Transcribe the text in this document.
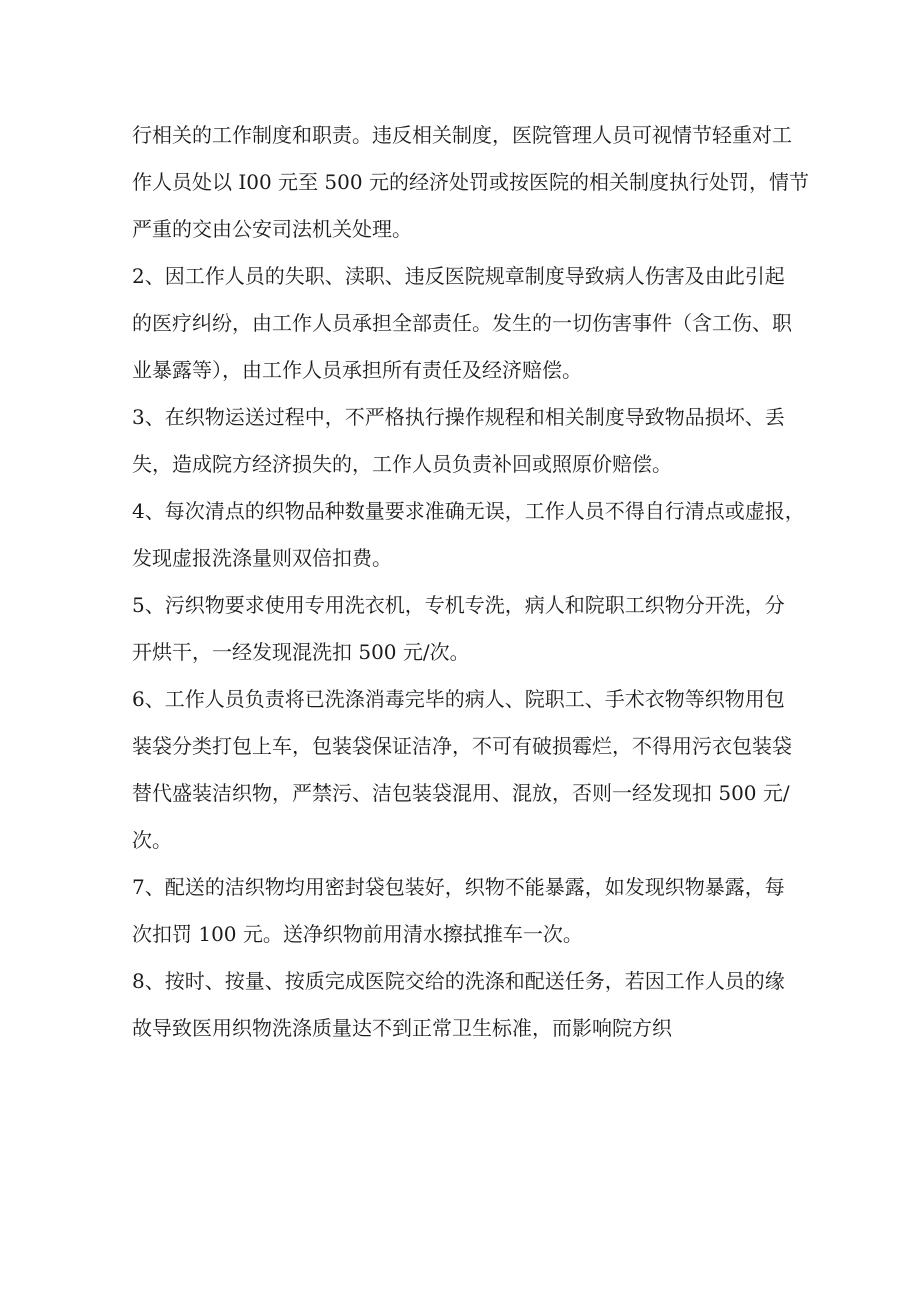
行相关的工作制度和职责。违反相关制度，医院管理人员可视情节轻重对工
作人员处以 I00 元至 500 元的经济处罚或按医院的相关制度执行处罚，情节
严重的交由公安司法机关处理。

2、因工作人员的失职、渎职、违反医院规章制度导致病人伤害及由此引起
的医疗纠纷，由工作人员承担全部责任。发生的一切伤害事件（含工伤、职
业暴露等），由工作人员承担所有责任及经济赔偿。

3、在织物运送过程中，不严格执行操作规程和相关制度导致物品损坏、丢
失，造成院方经济损失的，工作人员负责补回或照原价赔偿。

4、每次清点的织物品种数量要求准确无误，工作人员不得自行清点或虚报，
发现虚报洗涤量则双倍扣费。

5、污织物要求使用专用洗衣机，专机专洗，病人和院职工织物分开洗，分
开烘干，一经发现混洗扣 500 元/次。

6、工作人员负责将已洗涤消毒完毕的病人、院职工、手术衣物等织物用包
装袋分类打包上车，包装袋保证洁净，不可有破损霉烂，不得用污衣包装袋
替代盛装洁织物，严禁污、洁包装袋混用、混放，否则一经发现扣 500 元/
次。

7、配送的洁织物均用密封袋包装好，织物不能暴露，如发现织物暴露，每
次扣罚 100 元。送净织物前用清水擦拭推车一次。

8、按时、按量、按质完成医院交给的洗涤和配送任务，若因工作人员的缘
故导致医用织物洗涤质量达不到正常卫生标准，而影响院方织
